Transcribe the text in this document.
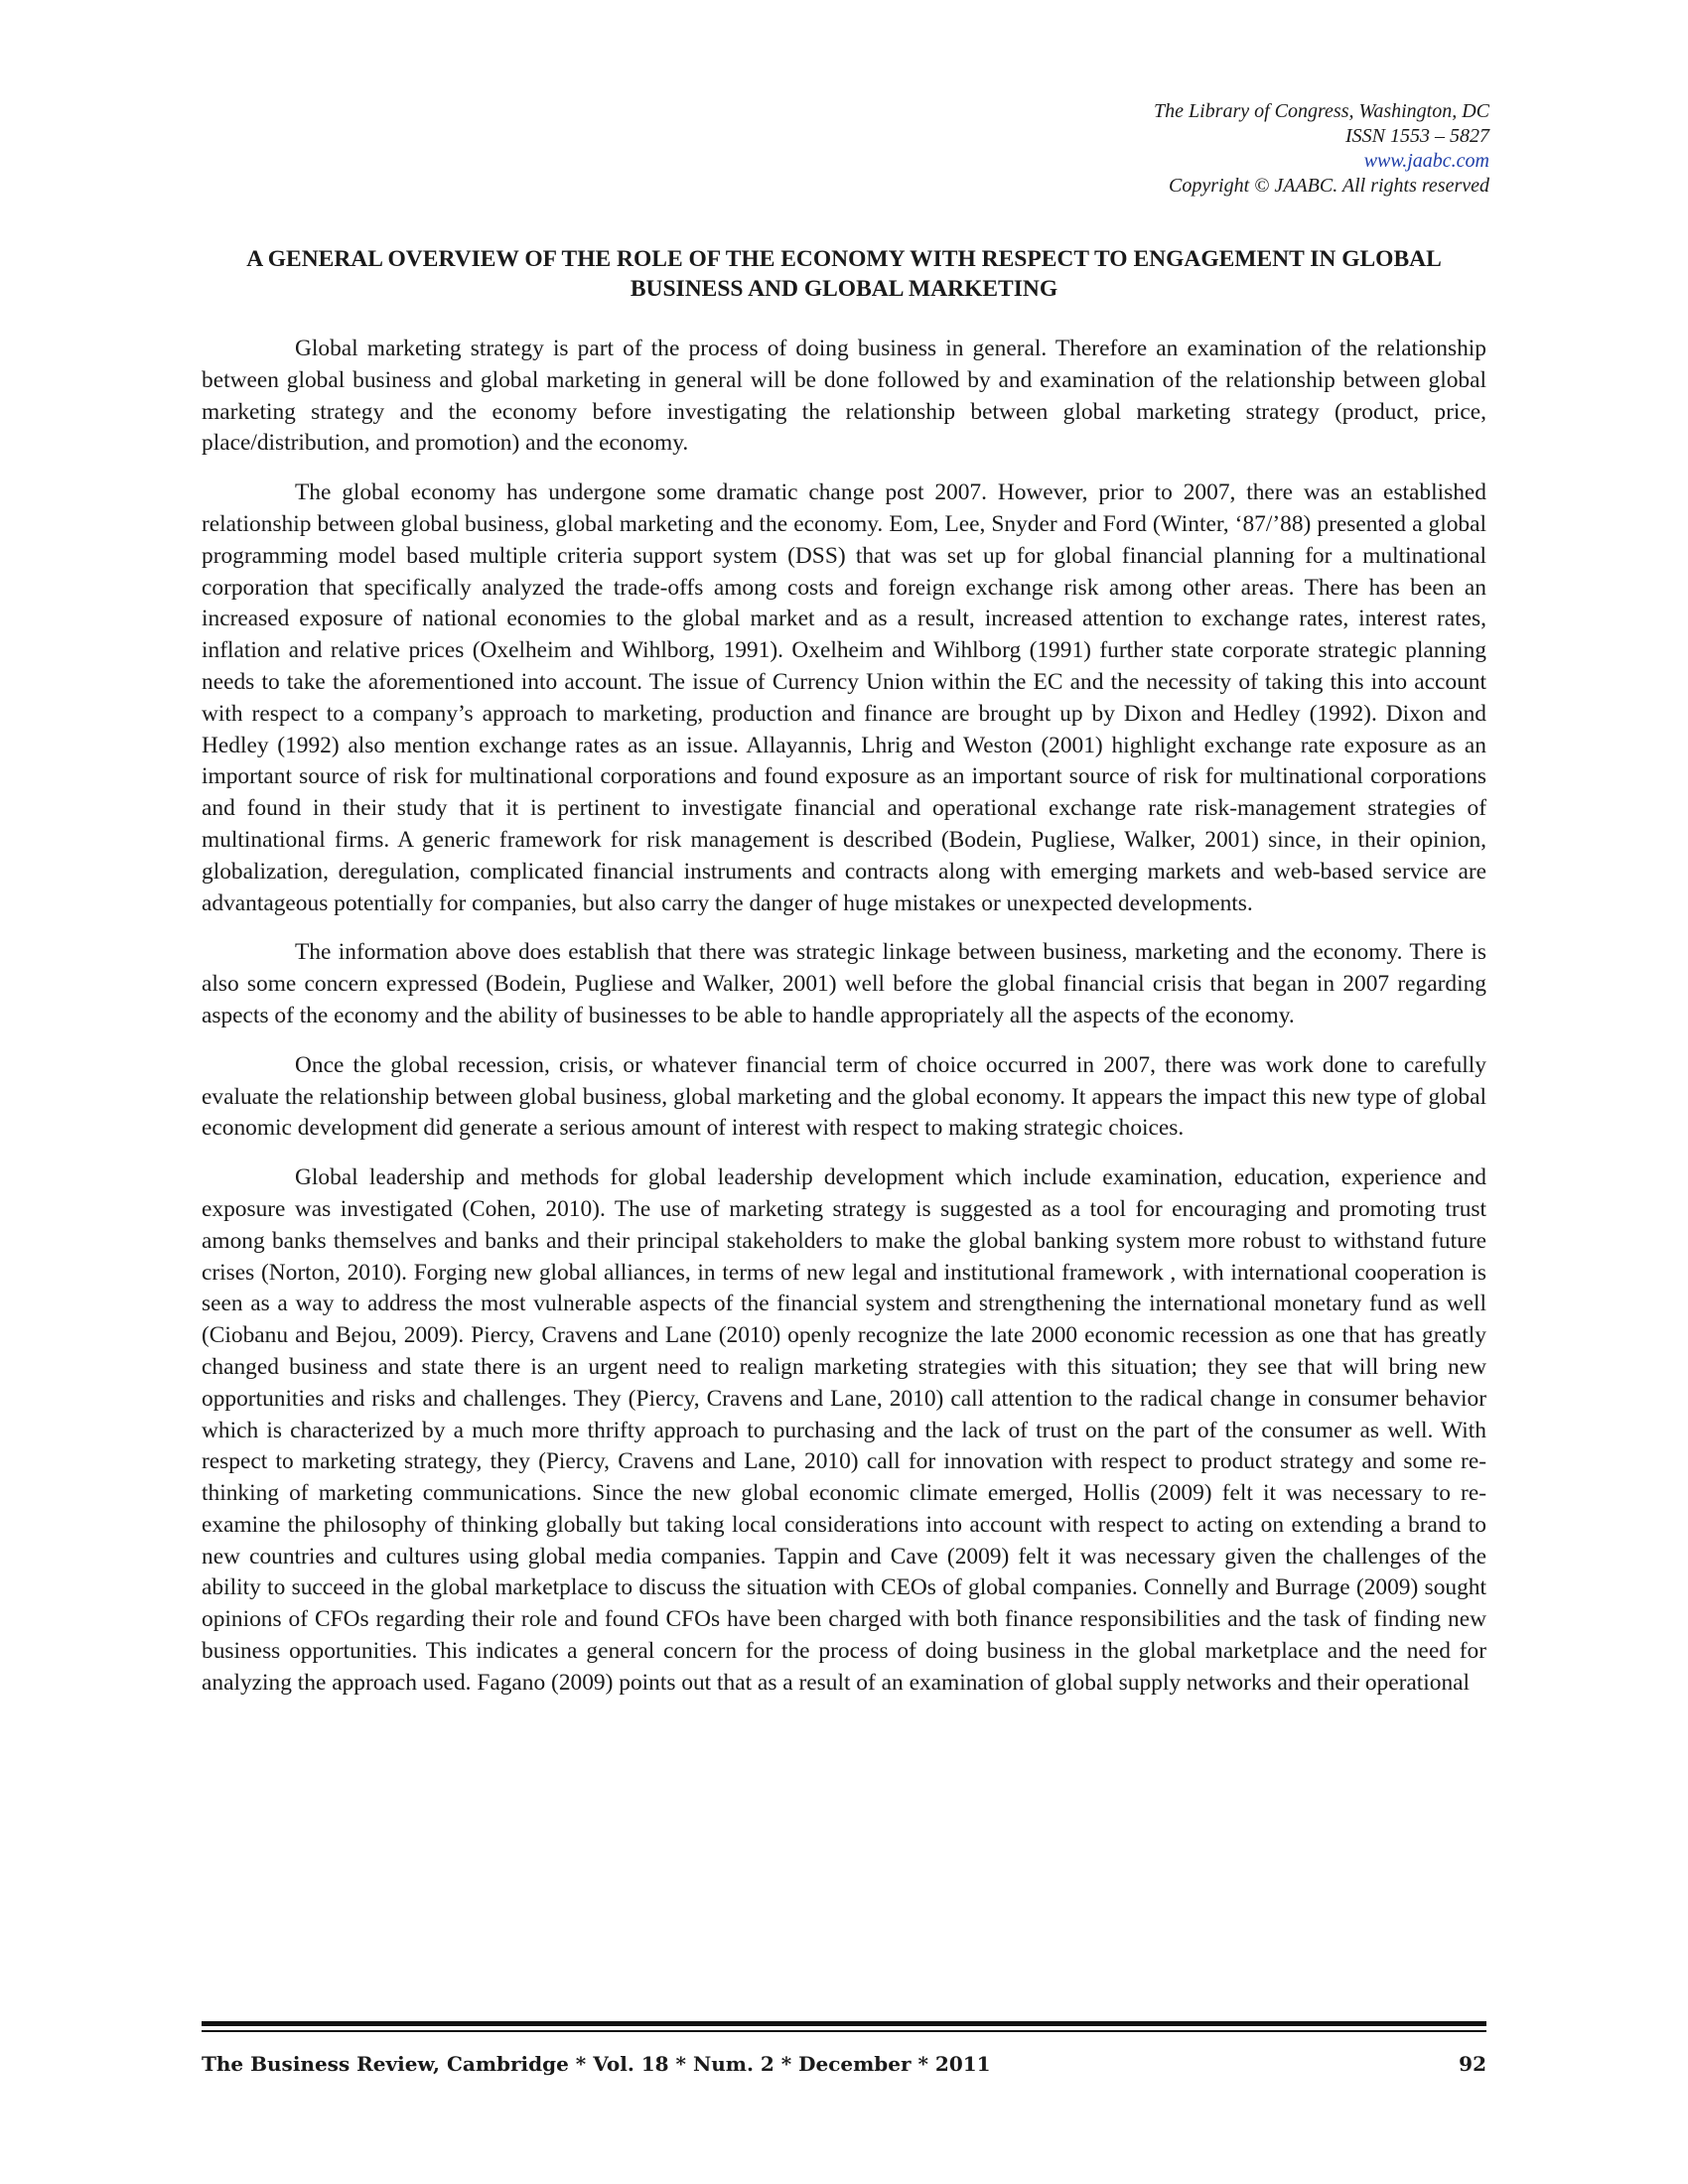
The Library of Congress, Washington, DC
ISSN 1553 – 5827
www.jaabc.com
Copyright © JAABC. All rights reserved
A GENERAL OVERVIEW OF THE ROLE OF THE ECONOMY WITH RESPECT TO ENGAGEMENT IN GLOBAL BUSINESS AND GLOBAL MARKETING

Global marketing strategy is part of the process of doing business in general. Therefore an examination of the relationship between global business and global marketing in general will be done followed by and examination of the relationship between global marketing strategy and the economy before investigating the relationship between global marketing strategy (product, price, place/distribution, and promotion) and the economy.

The global economy has undergone some dramatic change post 2007. However, prior to 2007, there was an established relationship between global business, global marketing and the economy. Eom, Lee, Snyder and Ford (Winter, ‘87/’88) presented a global programming model based multiple criteria support system (DSS) that was set up for global financial planning for a multinational corporation that specifically analyzed the trade-offs among costs and foreign exchange risk among other areas. There has been an increased exposure of national economies to the global market and as a result, increased attention to exchange rates, interest rates, inflation and relative prices (Oxelheim and Wihlborg, 1991). Oxelheim and Wihlborg (1991) further state corporate strategic planning needs to take the aforementioned into account. The issue of Currency Union within the EC and the necessity of taking this into account with respect to a company’s approach to marketing, production and finance are brought up by Dixon and Hedley (1992). Dixon and Hedley (1992) also mention exchange rates as an issue. Allayannis, Lhrig and Weston (2001) highlight exchange rate exposure as an important source of risk for multinational corporations and found exposure as an important source of risk for multinational corporations and found in their study that it is pertinent to investigate financial and operational exchange rate risk-management strategies of multinational firms. A generic framework for risk management is described (Bodein, Pugliese, Walker, 2001) since, in their opinion, globalization, deregulation, complicated financial instruments and contracts along with emerging markets and web-based service are advantageous potentially for companies, but also carry the danger of huge mistakes or unexpected developments.

The information above does establish that there was strategic linkage between business, marketing and the economy. There is also some concern expressed (Bodein, Pugliese and Walker, 2001) well before the global financial crisis that began in 2007 regarding aspects of the economy and the ability of businesses to be able to handle appropriately all the aspects of the economy.

Once the global recession, crisis, or whatever financial term of choice occurred in 2007, there was work done to carefully evaluate the relationship between global business, global marketing and the global economy. It appears the impact this new type of global economic development did generate a serious amount of interest with respect to making strategic choices.

Global leadership and methods for global leadership development which include examination, education, experience and exposure was investigated (Cohen, 2010). The use of marketing strategy is suggested as a tool for encouraging and promoting trust among banks themselves and banks and their principal stakeholders to make the global banking system more robust to withstand future crises (Norton, 2010). Forging new global alliances, in terms of new legal and institutional framework , with international cooperation is seen as a way to address the most vulnerable aspects of the financial system and strengthening the international monetary fund as well (Ciobanu and Bejou, 2009). Piercy, Cravens and Lane (2010) openly recognize the late 2000 economic recession as one that has greatly changed business and state there is an urgent need to realign marketing strategies with this situation; they see that will bring new opportunities and risks and challenges. They (Piercy, Cravens and Lane, 2010) call attention to the radical change in consumer behavior which is characterized by a much more thrifty approach to purchasing and the lack of trust on the part of the consumer as well. With respect to marketing strategy, they (Piercy, Cravens and Lane, 2010) call for innovation with respect to product strategy and some re-thinking of marketing communications. Since the new global economic climate emerged, Hollis (2009) felt it was necessary to re-examine the philosophy of thinking globally but taking local considerations into account with respect to acting on extending a brand to new countries and cultures using global media companies. Tappin and Cave (2009) felt it was necessary given the challenges of the ability to succeed in the global marketplace to discuss the situation with CEOs of global companies. Connelly and Burrage (2009) sought opinions of CFOs regarding their role and found CFOs have been charged with both finance responsibilities and the task of finding new business opportunities. This indicates a general concern for the process of doing business in the global marketplace and the need for analyzing the approach used. Fagano (2009) points out that as a result of an examination of global supply networks and their operational

The Business Review, Cambridge * Vol. 18 * Num. 2 * December * 2011	92
